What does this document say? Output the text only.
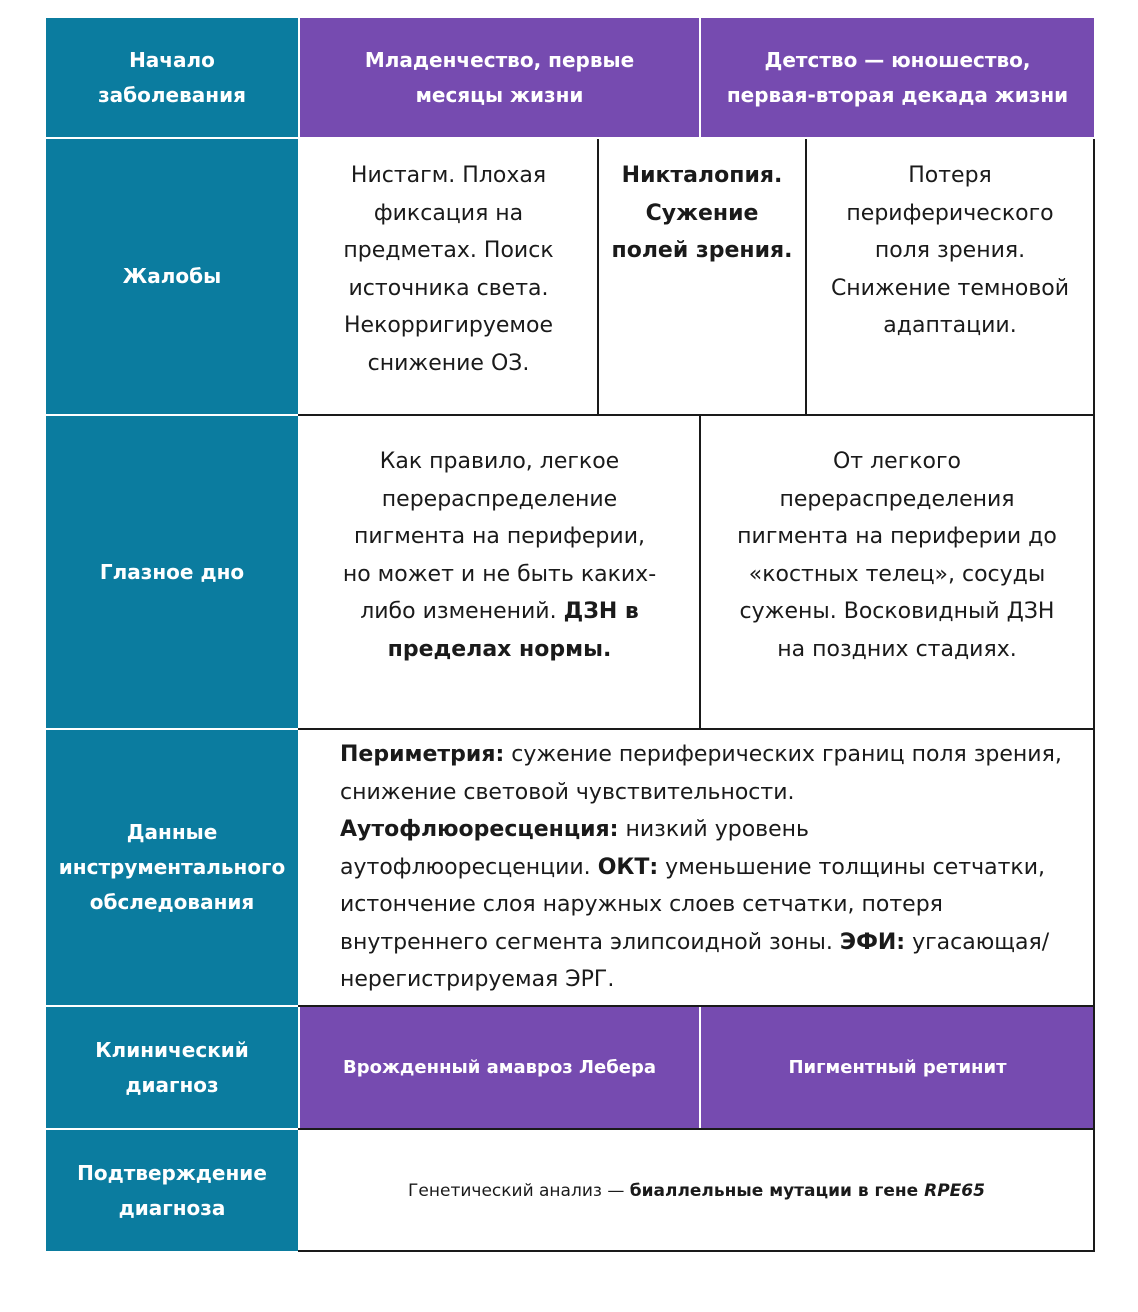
Начало заболевания
Младенчество, первые месяцы жизни
Детство — юношество, первая-вторая декада жизни
Жалобы
Нистагм. Плохая фиксация на предметах. Поиск источника света. Некорригируемое снижение ОЗ.
Никталопия. Сужение полей зрения.
Потеря периферического поля зрения. Снижение темновой адаптации.
Глазное дно
Как правило, легкое перераспределение пигмента на периферии, но может и не быть каких-либо изменений. ДЗН в пределах нормы.
От легкого перераспределения пигмента на периферии до «костных телец», сосуды сужены. Восковидный ДЗН на поздних стадиях.
Данные инструментального обследования
Периметрия: сужение периферических границ поля зрения, снижение световой чувствительности. Аутофлюоресценция: низкий уровень аутофлюоресценции. ОКТ: уменьшение толщины сетчатки, истончение слоя наружных слоев сетчатки, потеря внутреннего сегмента элипсоидной зоны. ЭФИ: угасающая/нерегистрируемая ЭРГ.
Клинический диагноз
Врожденный амавроз Лебера	Пигментный ретинит
Подтверждение диагноза
Генетический анализ — биаллельные мутации в гене RPE65
